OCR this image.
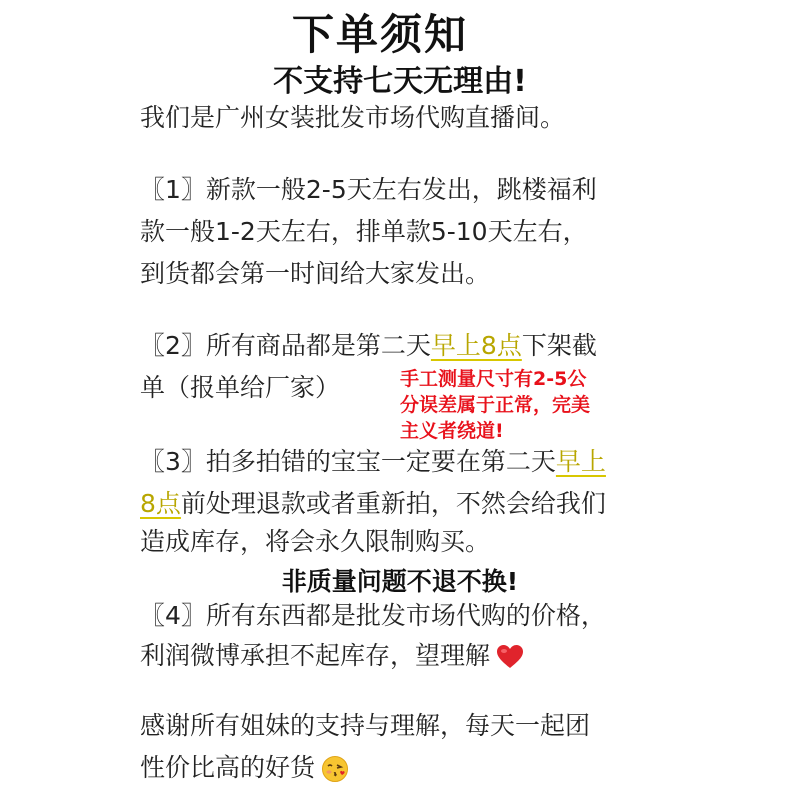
下单须知
不支持七天无理由!
我们是广州女装批发市场代购直播间。
〖1〗新款一般2-5天左右发出，跳楼福利
款一般1-2天左右，排单款5-10天左右，
到货都会第一时间给大家发出。
〖2〗所有商品都是第二天早上8点下架截
单（报单给厂家）	手工测量尺寸有2-5公
分误差属于正常，完美
主义者绕道!
〖3〗拍多拍错的宝宝一定要在第二天早上
8点前处理退款或者重新拍，不然会给我们
造成库存，将会永久限制购买。
非质量问题不退不换!
〖4〗所有东西都是批发市场代购的价格，
利润微博承担不起库存，望理解
感谢所有姐妹的支持与理解，每天一起团
性价比高的好货
